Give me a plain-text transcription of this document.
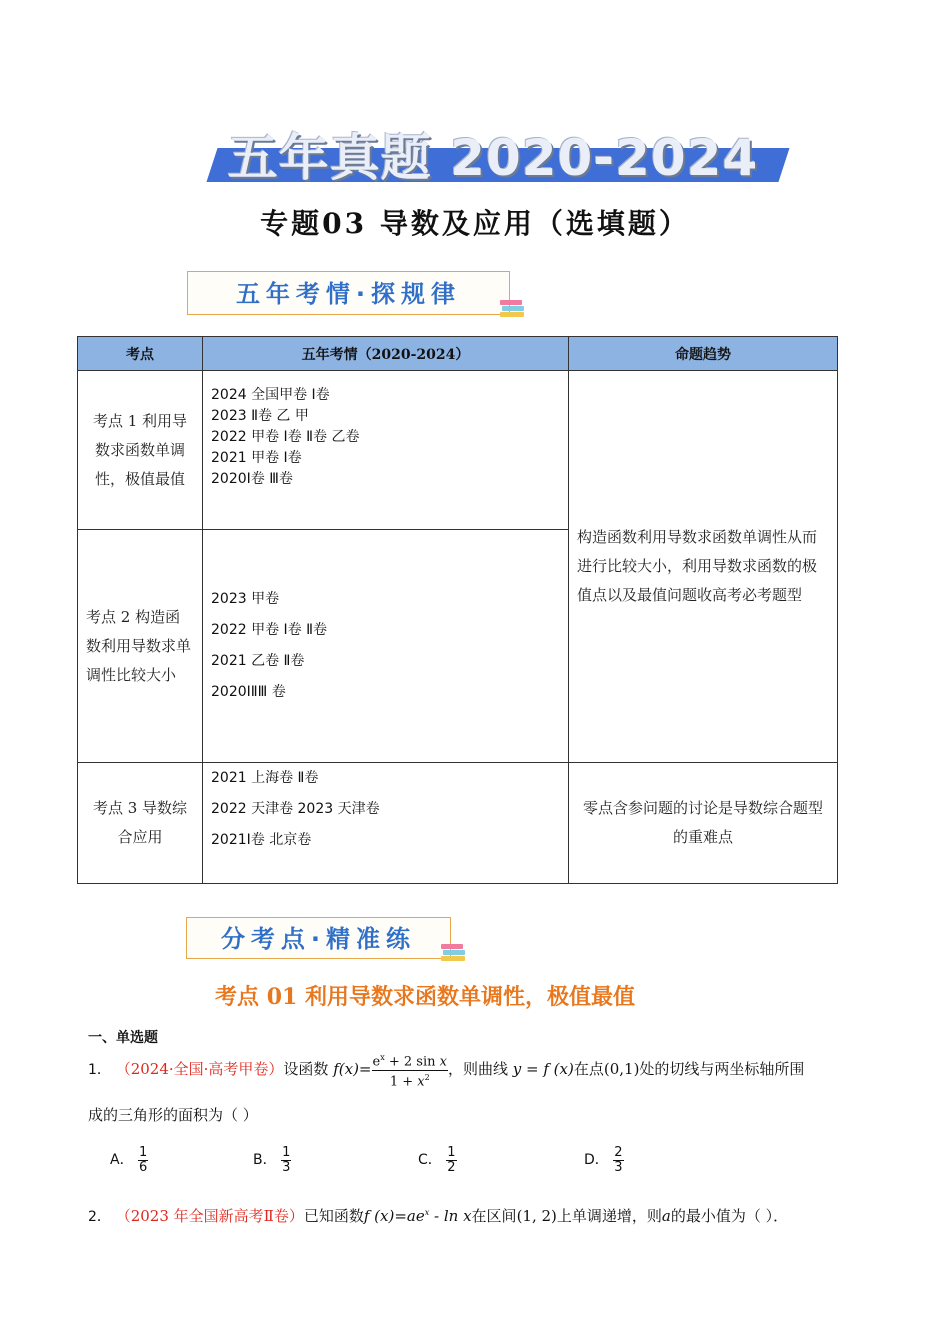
五年真题 2020-2024
专题03 导数及应用（选填题）
五年考情·探规律
考点	五年考情（2020-2024）	命题趋势
考点 1 利用导数求函数单调性，极值最值	2024 全国甲卷 Ⅰ卷
2023 Ⅱ卷 乙 甲
2022 甲卷 Ⅰ卷 Ⅱ卷 乙卷
2021 甲卷 Ⅰ卷
2020Ⅰ卷 Ⅲ卷	构造函数利用导数求函数单调性从而进行比较大小，利用导数求函数的极值点以及最值问题收高考必考题型
考点 2 构造函数利用导数求单调性比较大小	2023 甲卷
2022 甲卷 Ⅰ卷 Ⅱ卷
2021 乙卷 Ⅱ卷
2020ⅠⅡⅢ 卷	

考点 3 导数综合应用	2021 上海卷 Ⅱ卷
2022 天津卷 2023 天津卷
2021Ⅰ卷 北京卷	零点含参问题的讨论是导数综合题型的重难点
分考点·精准练
考点 01 利用导数求函数单调性，极值最值
一、单选题
1． （2024·全国·高考甲卷）设函数 $f(x)= \frac{e^x + 2 \sin x}{1 + x^2}$ ，则曲线 y = f (x)在点(0,1)处的切线与两坐标轴所围
成的三角形的面积为（ ）
A． $\frac{1}{6}$	B． $\frac{1}{3}$	C． $\frac{1}{2}$	D． $\frac{2}{3}$
2． （2023 年全国新高考Ⅱ卷）已知函数f $(x)=ae^x - \ln x$在区间(1, 2)上单调递增，则a的最小值为（ ）．
